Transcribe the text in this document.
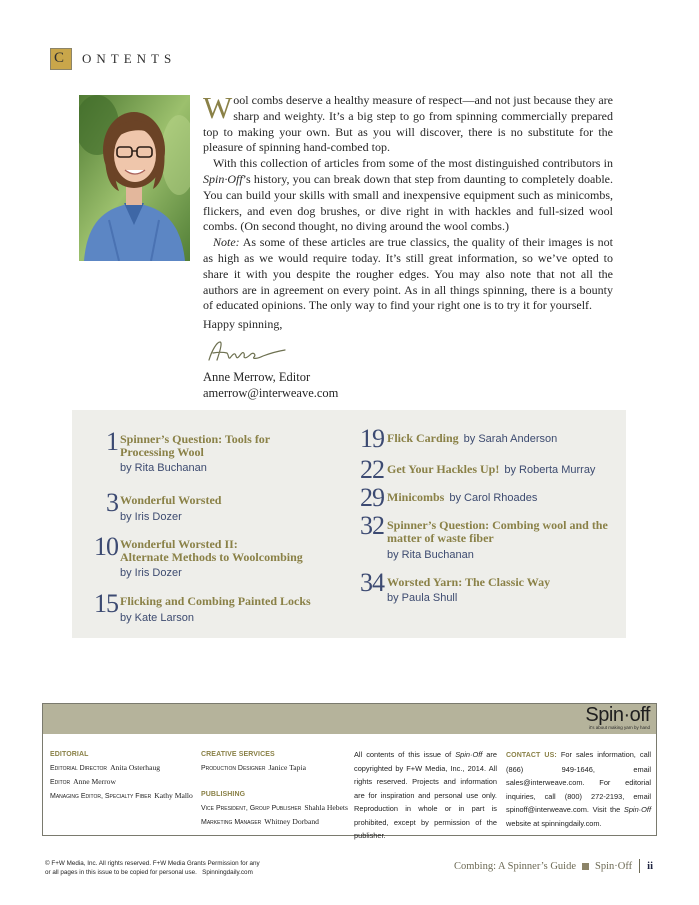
C ONTENTS

Wool combs deserve a healthy measure of respect—and not just because they are sharp and weighty. It’s a big step to go from spinning commercially prepared top to making your own. But as you will discover, there is no substitute for the pleasure of spinning hand-combed top.

With this collection of articles from some of the most distinguished contributors in Spin·Off’s history, you can break down that step from daunting to completely doable. You can build your skills with small and inexpensive equipment such as minicombs, flickers, and even dog brushes, or dive right in with hackles and full-sized wool combs. (On second thought, no diving around the wool combs.)

Note: As some of these articles are true classics, the quality of their images is not as high as we would require today. It’s still great information, so we’ve opted to share it with you despite the rougher edges. You may also note that not all the authors are in agreement on every point. As in all things spinning, there is a bounty of educated opinions. The only way to find your right one is to try it for yourself.

Happy spinning,
Anne Merrow, Editor
amerrow@interweave.com
1 Spinner’s Question: Tools for
Processing Wool
by Rita Buchanan
3 Wonderful Worsted
by Iris Dozer
10 Wonderful Worsted II:
Alternate Methods to Woolcombing
by Iris Dozer
15 Flicking and Combing Painted Locks
by Kate Larson
19 Flick Carding by Sarah Anderson
22 Get Your Hackles Up! by Roberta Murray
29 Minicombs by Carol Rhoades
32 Spinner’s Question: Combing wool and the
matter of waste fiber
by Rita Buchanan
34 Worsted Yarn: The Classic Way
by Paula Shull
Spin·off
it's about making yarn by hand
EDITORIAL
Editorial Director Anita Osterhaug
Editor Anne Merrow
Managing Editor, Specialty Fiber Kathy Mallo
CREATIVE SERVICES
Production Designer Janice Tapia
PUBLISHING
Vice President, Group Publisher Shahla Hebets
Marketing Manager Whitney Dorband
All contents of this issue of Spin·Off are copyrighted by F+W Media, Inc., 2014. All rights reserved. Projects and information are for inspiration and personal use only. Reproduction in whole or in part is prohibited, except by permission of the publisher.
CONTACT US: For sales information, call (866) 949-1646, email sales@interweave.com. For editorial inquiries, call (800) 272-2193, email spinoff@interweave.com. Visit the Spin·Off website at spinningdaily.com.
© F+W Media, Inc. All rights reserved. F+W Media Grants Permission for any
or all pages in this issue to be copied for personal use. Spinningdaily.com
Combing: A Spinner’s Guide Spin·Off ii
